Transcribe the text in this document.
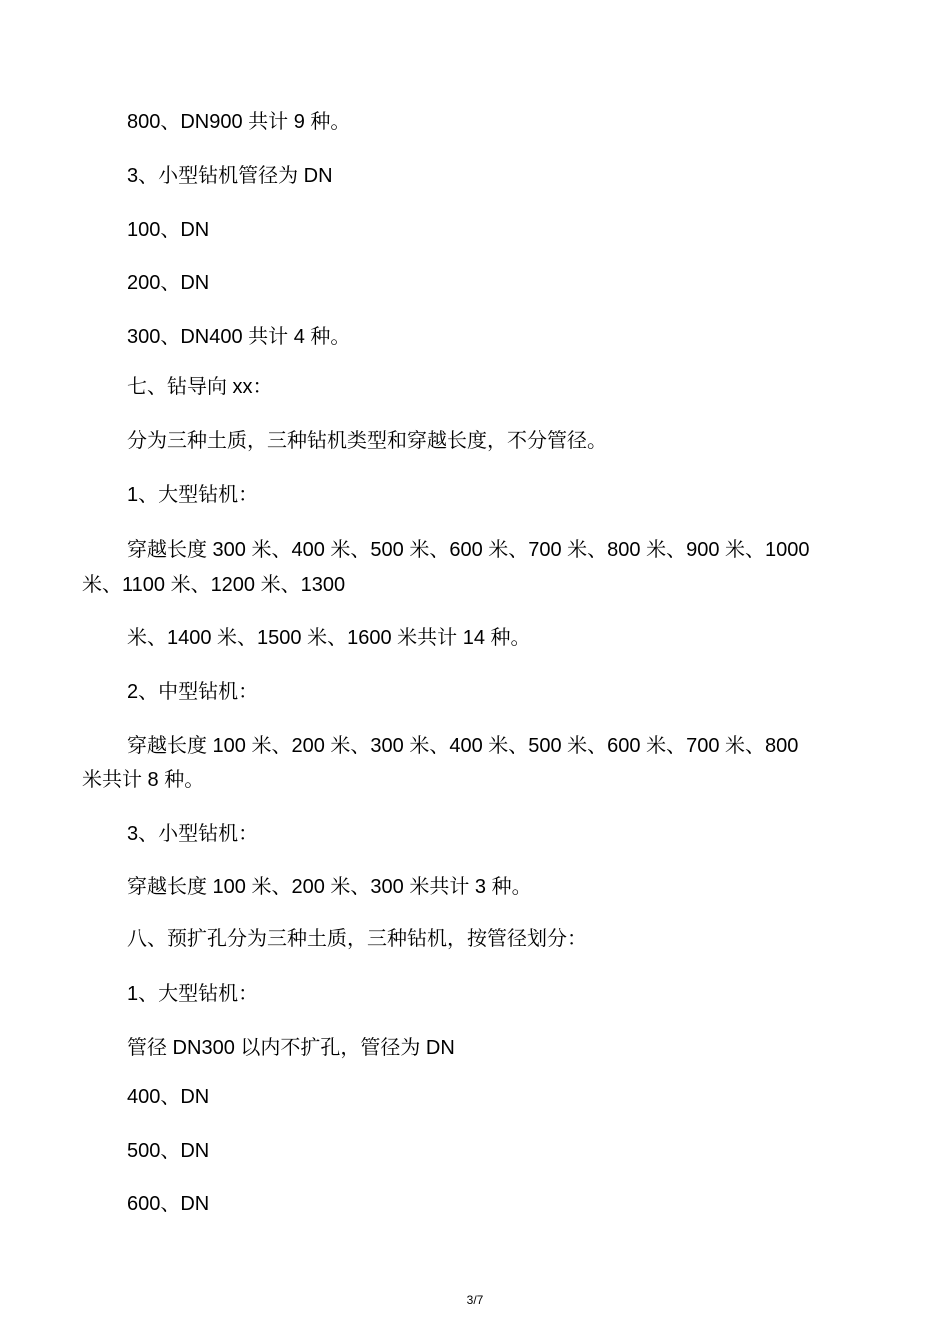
800、DN900 共计 9 种。
3、小型钻机管径为 DN
100、DN
200、DN
300、DN400 共计 4 种。
七、钻导向 xx：
分为三种土质，三种钻机类型和穿越长度，不分管径。
1、大型钻机：
穿越长度 300 米、400 米、500 米、600 米、700 米、800 米、900 米、1000
米、1100 米、1200 米、1300
米、1400 米、1500 米、1600 米共计 14 种。
2、中型钻机：
穿越长度 100 米、200 米、300 米、400 米、500 米、600 米、700 米、800
米共计 8 种。
3、小型钻机：
穿越长度 100 米、200 米、300 米共计 3 种。
八、预扩孔分为三种土质，三种钻机，按管径划分：
1、大型钻机：
管径 DN300 以内不扩孔，管径为 DN
400、DN
500、DN
600、DN
3/7
